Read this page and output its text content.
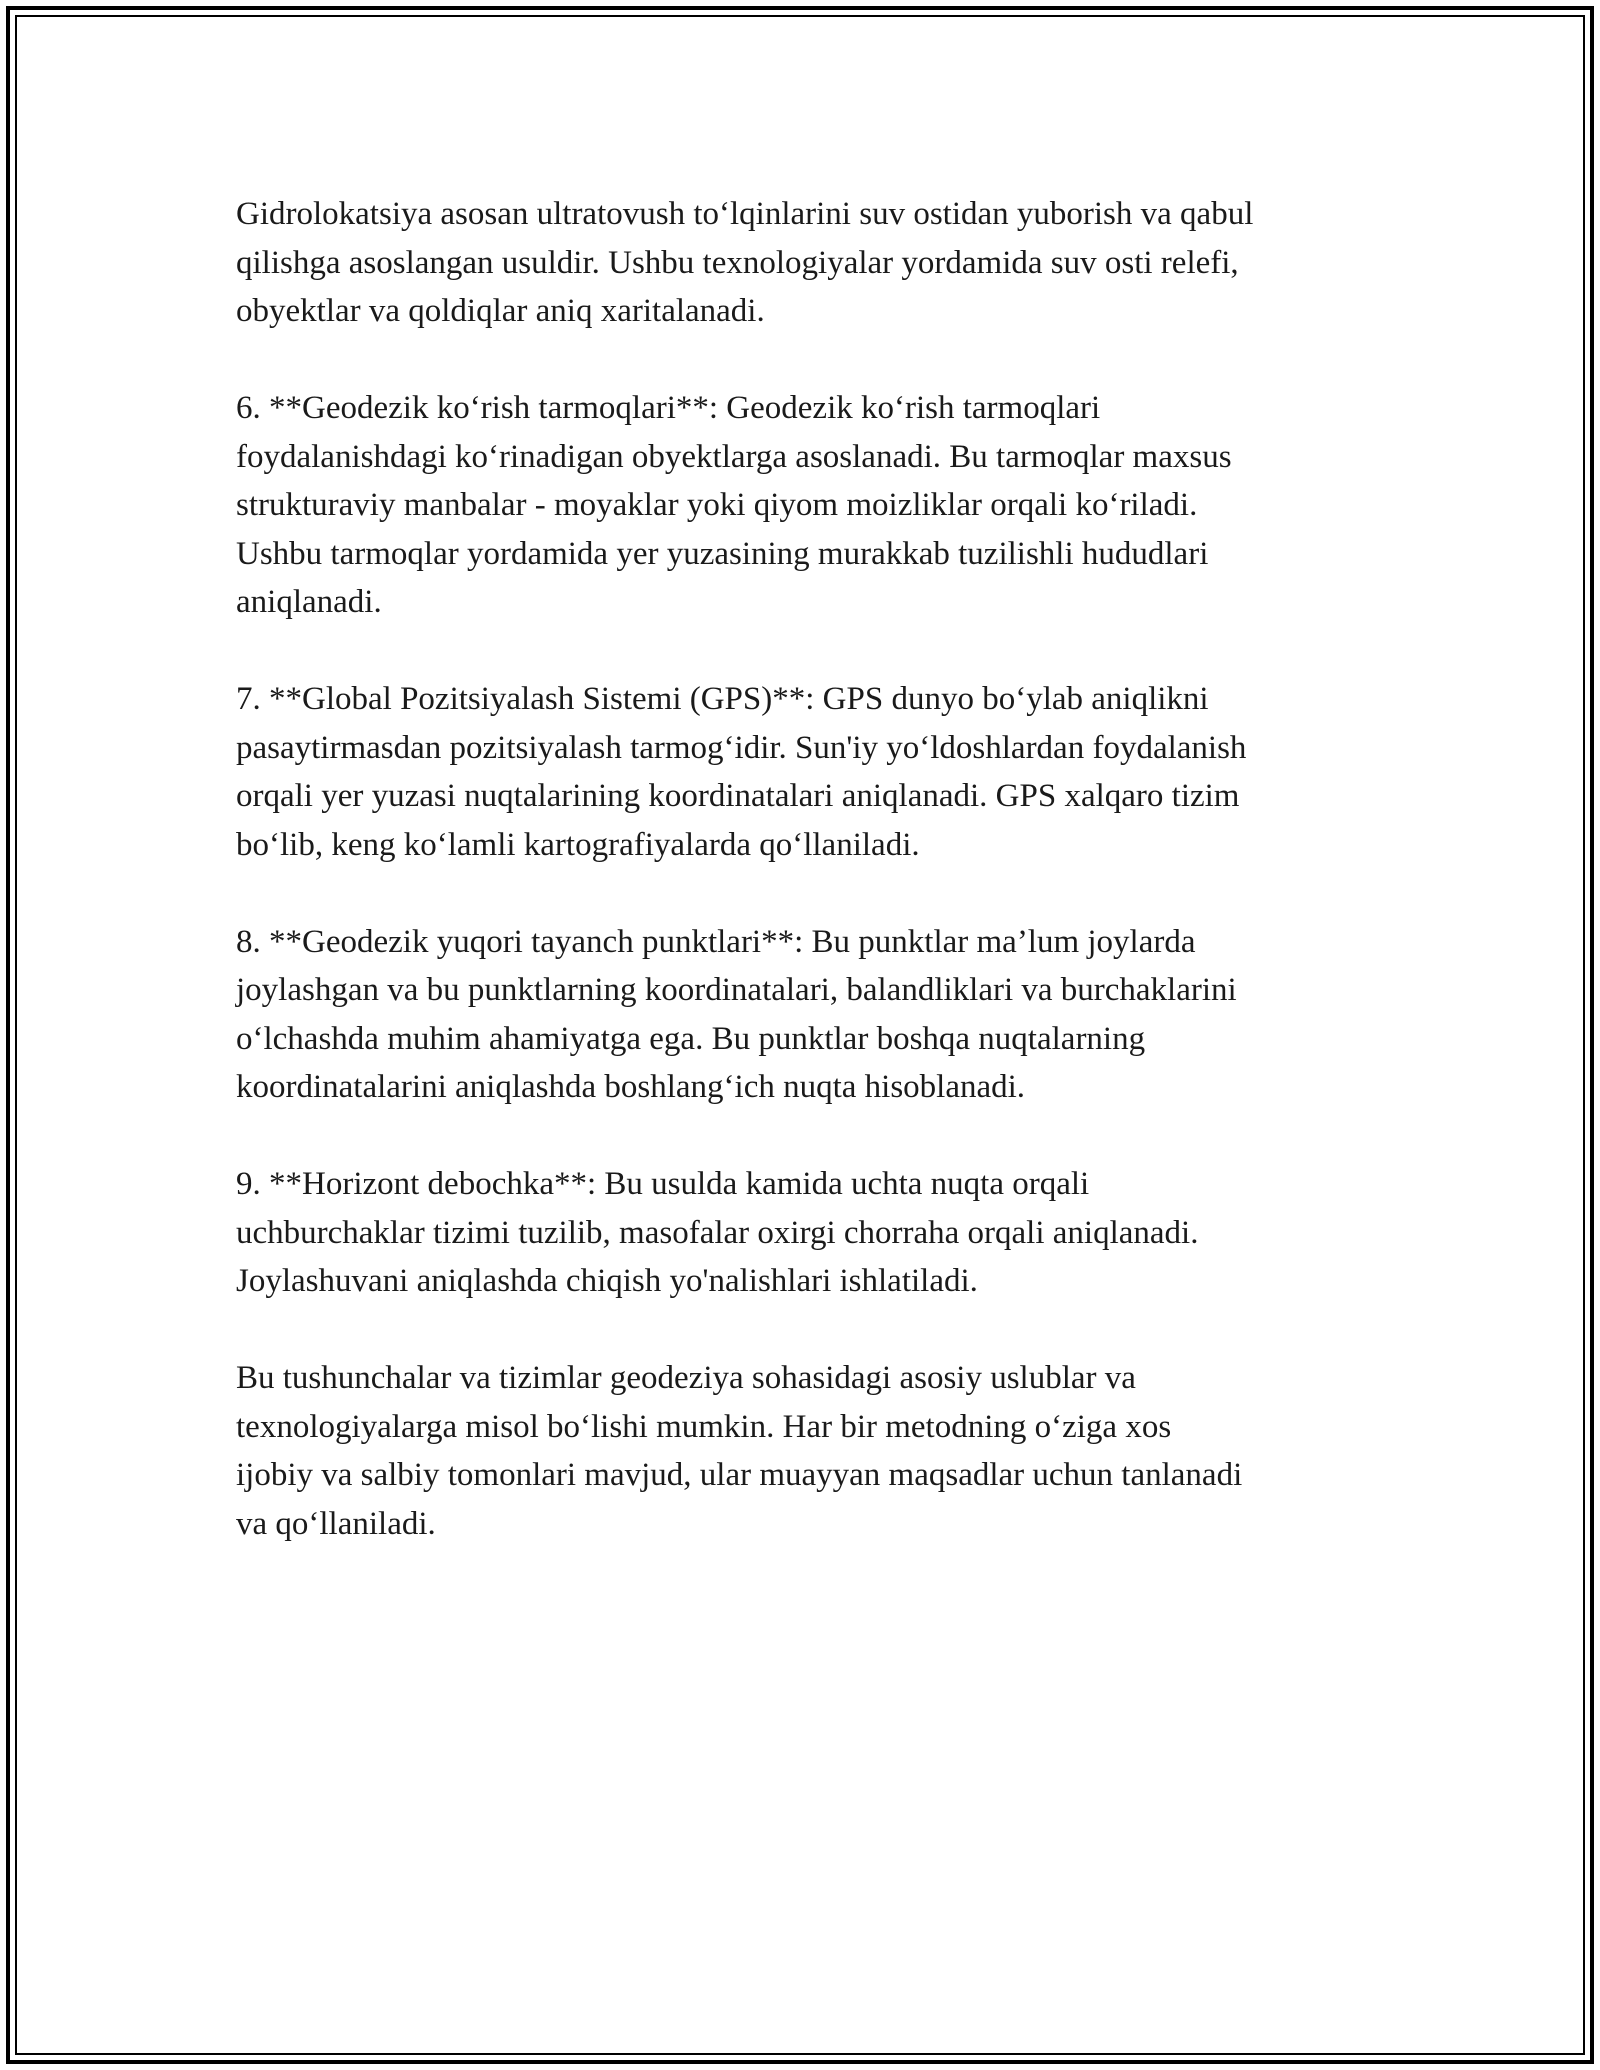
Gidrolokatsiya asosan ultratovush to‘lqinlarini suv ostidan yuborish va qabul
qilishga asoslangan usuldir. Ushbu texnologiyalar yordamida suv osti relefi,
obyektlar va qoldiqlar aniq xaritalanadi.

6. **Geodezik ko‘rish tarmoqlari**: Geodezik ko‘rish tarmoqlari
foydalanishdagi ko‘rinadigan obyektlarga asoslanadi. Bu tarmoqlar maxsus
strukturaviy manbalar - moyaklar yoki qiyom moizliklar orqali ko‘riladi.
Ushbu tarmoqlar yordamida yer yuzasining murakkab tuzilishli hududlari
aniqlanadi.

7. **Global Pozitsiyalash Sistemi (GPS)**: GPS dunyo bo‘ylab aniqlikni
pasaytirmasdan pozitsiyalash tarmog‘idir. Sun'iy yo‘ldoshlardan foydalanish
orqali yer yuzasi nuqtalarining koordinatalari aniqlanadi. GPS xalqaro tizim
bo‘lib, keng ko‘lamli kartografiyalarda qo‘llaniladi.

8. **Geodezik yuqori tayanch punktlari**: Bu punktlar ma’lum joylarda
joylashgan va bu punktlarning koordinatalari, balandliklari va burchaklarini
o‘lchashda muhim ahamiyatga ega. Bu punktlar boshqa nuqtalarning
koordinatalarini aniqlashda boshlang‘ich nuqta hisoblanadi.

9. **Horizont debochka**: Bu usulda kamida uchta nuqta orqali
uchburchaklar tizimi tuzilib, masofalar oxirgi chorraha orqali aniqlanadi.
Joylashuvani aniqlashda chiqish yo'nalishlari ishlatiladi.

Bu tushunchalar va tizimlar geodeziya sohasidagi asosiy uslublar va
texnologiyalarga misol bo‘lishi mumkin. Har bir metodning o‘ziga xos
ijobiy va salbiy tomonlari mavjud, ular muayyan maqsadlar uchun tanlanadi
va qo‘llaniladi.
